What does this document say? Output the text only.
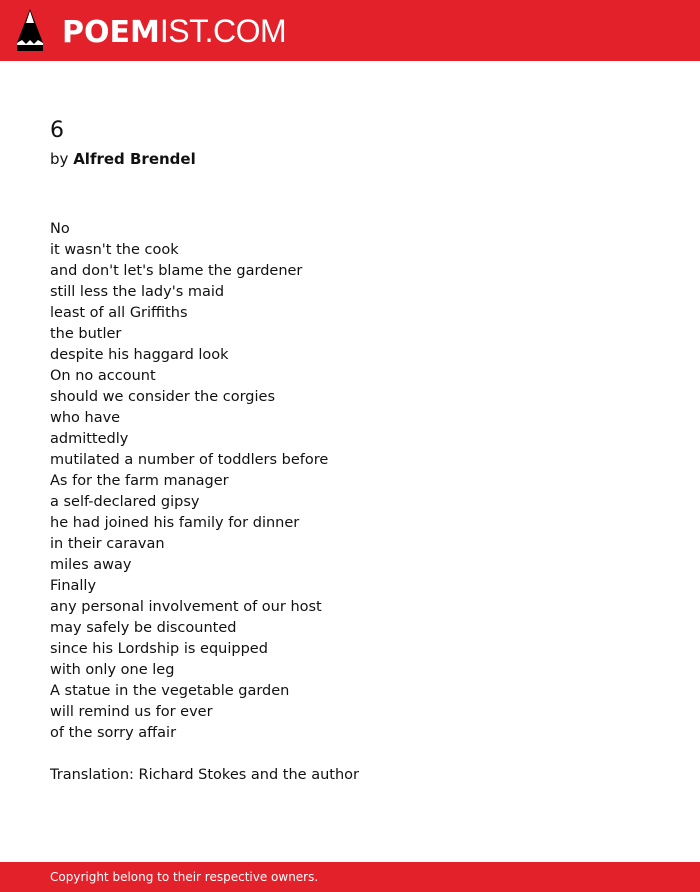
POEMIST.COM
6
by Alfred Brendel
No
it wasn't the cook
and don't let's blame the gardener
still less the lady's maid
least of all Griffiths
the butler
despite his haggard look
On no account
should we consider the corgies
who have
admittedly
mutilated a number of toddlers before
As for the farm manager
a self-declared gipsy
he had joined his family for dinner
in their caravan
miles away
Finally
any personal involvement of our host
may safely be discounted
since his Lordship is equipped
with only one leg
A statue in the vegetable garden
will remind us for ever
of the sorry affair
Translation: Richard Stokes and the author
Copyright belong to their respective owners.
